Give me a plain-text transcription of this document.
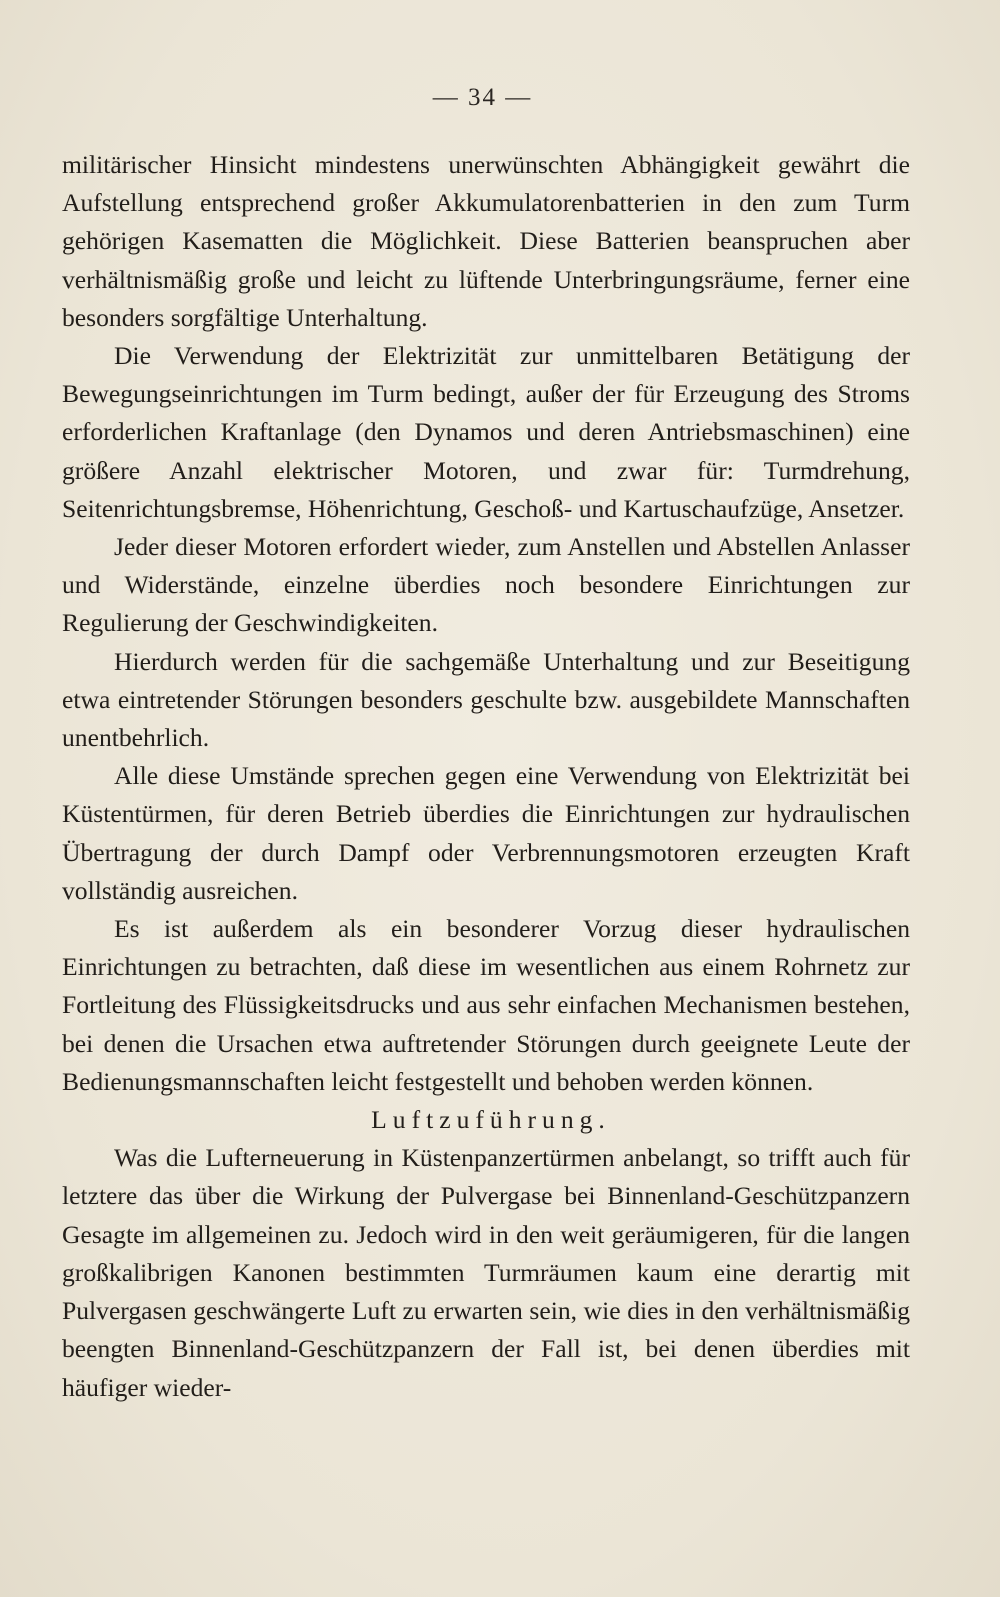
— 34 —

militärischer Hinsicht mindestens unerwünschten Abhängigkeit gewährt die Aufstellung entsprechend großer Akkumulatorenbatterien in den zum Turm gehörigen Kasematten die Möglichkeit. Diese Batterien beanspruchen aber verhältnismäßig große und leicht zu lüftende Unterbringungsräume, ferner eine besonders sorgfältige Unterhaltung.

Die Verwendung der Elektrizität zur unmittelbaren Betätigung der Bewegungseinrichtungen im Turm bedingt, außer der für Erzeugung des Stroms erforderlichen Kraftanlage (den Dynamos und deren Antriebsmaschinen) eine größere Anzahl elektrischer Motoren, und zwar für: Turmdrehung, Seitenrichtungsbremse, Höhenrichtung, Geschoß- und Kartuschaufzüge, Ansetzer.

Jeder dieser Motoren erfordert wieder, zum Anstellen und Abstellen Anlasser und Widerstände, einzelne überdies noch besondere Einrichtungen zur Regulierung der Geschwindigkeiten.

Hierdurch werden für die sachgemäße Unterhaltung und zur Beseitigung etwa eintretender Störungen besonders geschulte bzw. ausgebildete Mannschaften unentbehrlich.

Alle diese Umstände sprechen gegen eine Verwendung von Elektrizität bei Küstentürmen, für deren Betrieb überdies die Einrichtungen zur hydraulischen Übertragung der durch Dampf oder Verbrennungsmotoren erzeugten Kraft vollständig ausreichen.

Es ist außerdem als ein besonderer Vorzug dieser hydraulischen Einrichtungen zu betrachten, daß diese im wesentlichen aus einem Rohrnetz zur Fortleitung des Flüssigkeitsdrucks und aus sehr einfachen Mechanismen bestehen, bei denen die Ursachen etwa auftretender Störungen durch geeignete Leute der Bedienungsmannschaften leicht festgestellt und behoben werden können.

Luftzuführung.

Was die Lufterneuerung in Küstenpanzertürmen anbelangt, so trifft auch für letztere das über die Wirkung der Pulvergase bei Binnenland-Geschützpanzern Gesagte im allgemeinen zu. Jedoch wird in den weit geräumigeren, für die langen großkalibrigen Kanonen bestimmten Turmräumen kaum eine derartig mit Pulvergasen geschwängerte Luft zu erwarten sein, wie dies in den verhältnismäßig beengten Binnenland-Geschützpanzern der Fall ist, bei denen überdies mit häufiger wieder-
